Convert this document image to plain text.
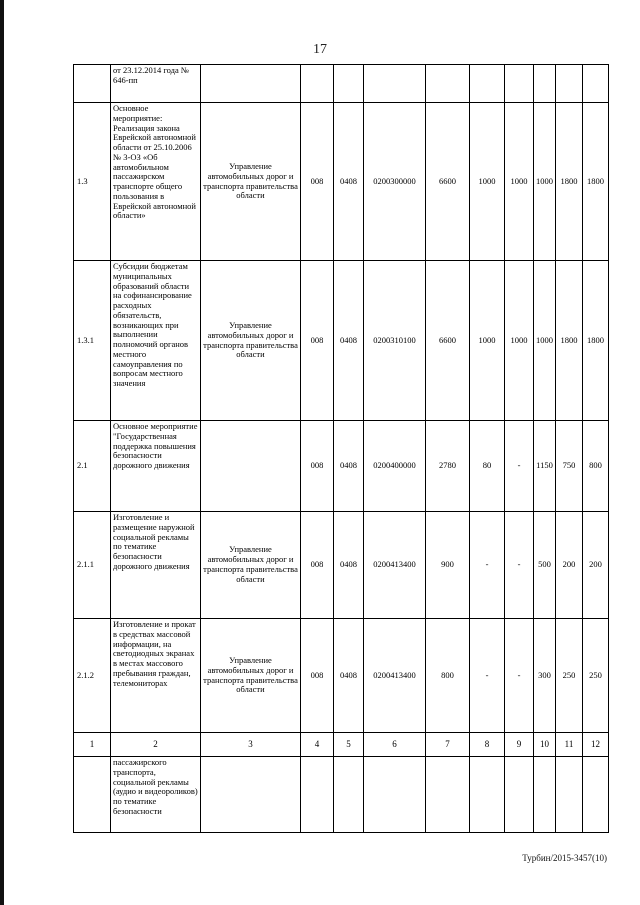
17
	от 23.12.2014 года № 646-пп										
1.3	Основное мероприятие: Реализация закона Еврейской автономной области от 25.10.2006 № 3-ОЗ «Об автомобильном пассажирском транспорте общего пользования в Еврейской автономной области»	Управление автомобильных дорог и транспорта правительства области	008	0408	0200300000	6600	1000	1000	1000	1800	1800
1.3.1	Субсидии бюджетам муниципальных образований области на софинансирование расходных обязательств, возникающих при выполнении полномочий органов местного самоуправления по вопросам местного значения	Управление автомобильных дорог и транспорта правительства области	008	0408	0200310100	6600	1000	1000	1000	1800	1800
2.1	Основное мероприятие "Государственная поддержка повышения безопасности дорожного движения		008	0408	0200400000	2780	80	-	1150	750	800
2.1.1	Изготовление и размещение наружной социальной рекламы по тематике безопасности дорожного движения	Управление автомобильных дорог и транспорта правительства области	008	0408	0200413400	900	-	-	500	200	200
2.1.2	Изготовление и прокат в средствах массовой информации, на светодиодных экранах в местах массового пребывания граждан, телемониторах	Управление автомобильных дорог и транспорта правительства области	008	0408	0200413400	800	-	-	300	250	250
1	2	3	4	5	6	7	8	9	10	11	12
	пассажирского транспорта, социальной рекламы (аудио и видеороликов) по тематике безопасности										
Турбин/2015-3457(10)
